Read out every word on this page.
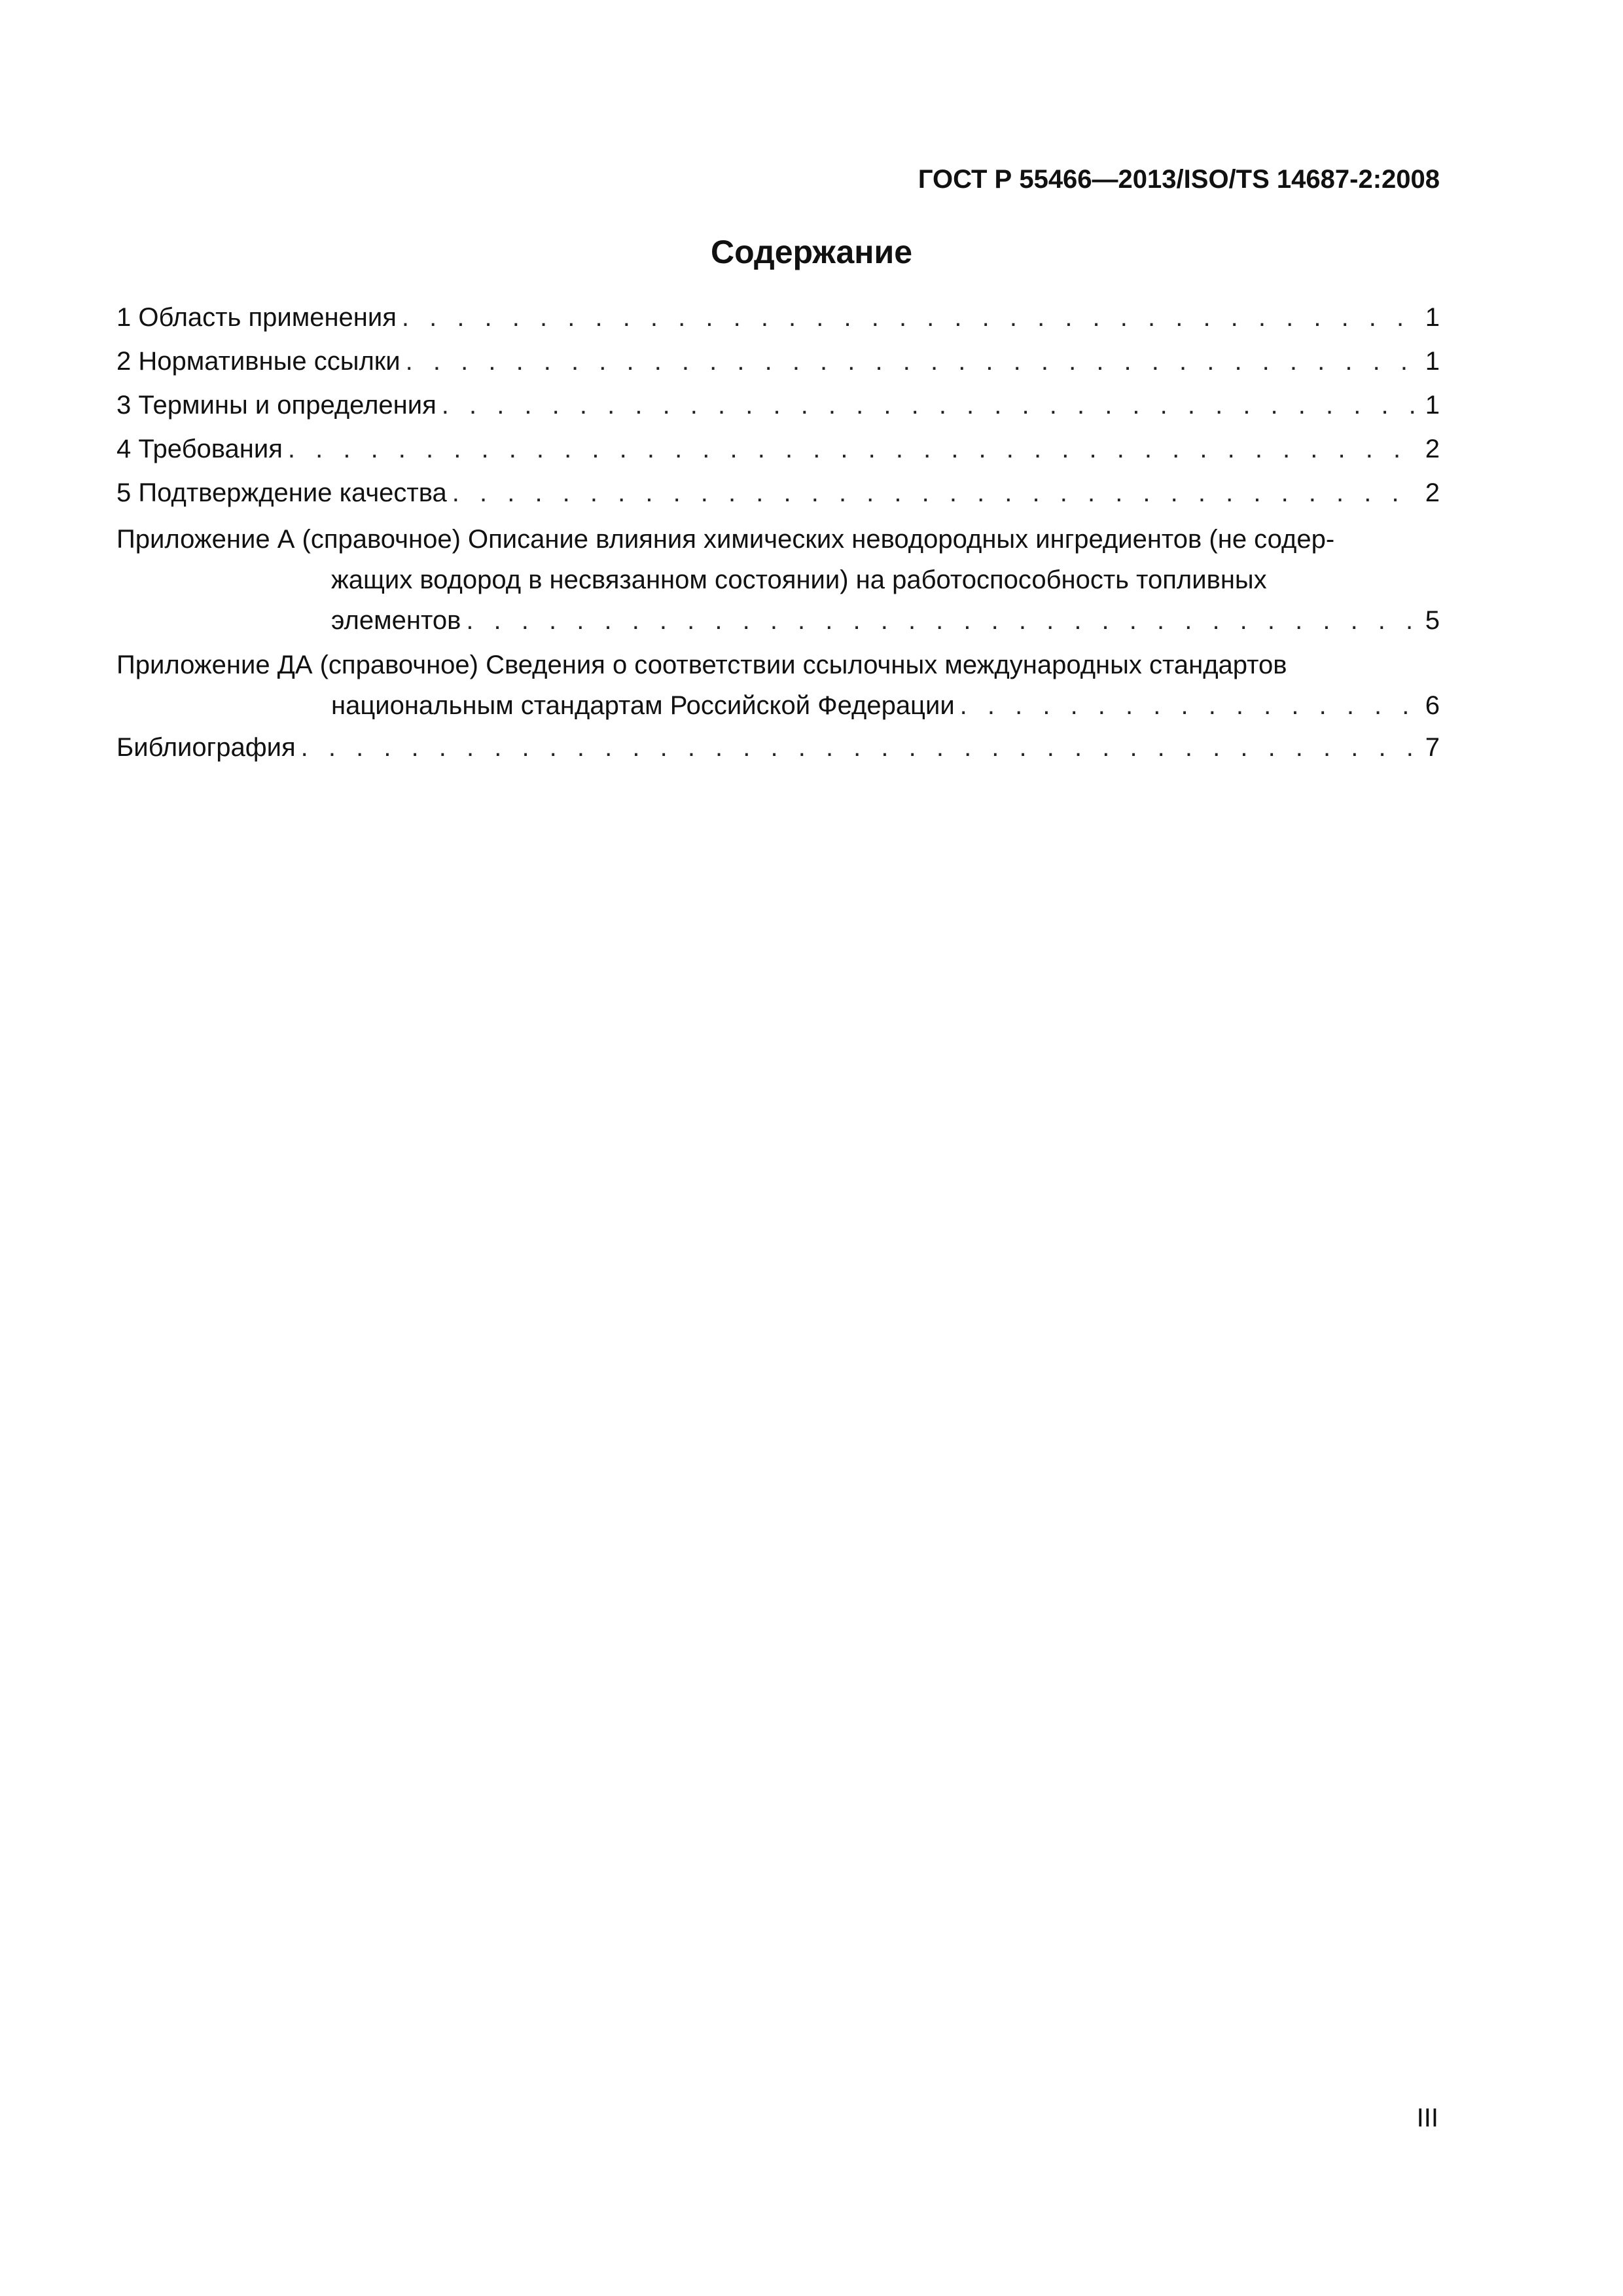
ГОСТ Р 55466—2013/ISO/TS 14687-2:2008
Содержание
1 Область применения . . .	1
2 Нормативные ссылки . . .	1
3 Термины и определения . . .	1
4 Требования . . .	2
5 Подтверждение качества . . .	2
Приложение А (справочное) Описание влияния химических неводородных ингредиентов (не содер-
жащих водород в несвязанном состоянии) на работоспособность топливных
элементов . . .	5
Приложение ДА (справочное) Сведения о соответствии ссылочных международных стандартов
национальным стандартам Российской Федерации . . .	6
Библиография . . .	7
III
